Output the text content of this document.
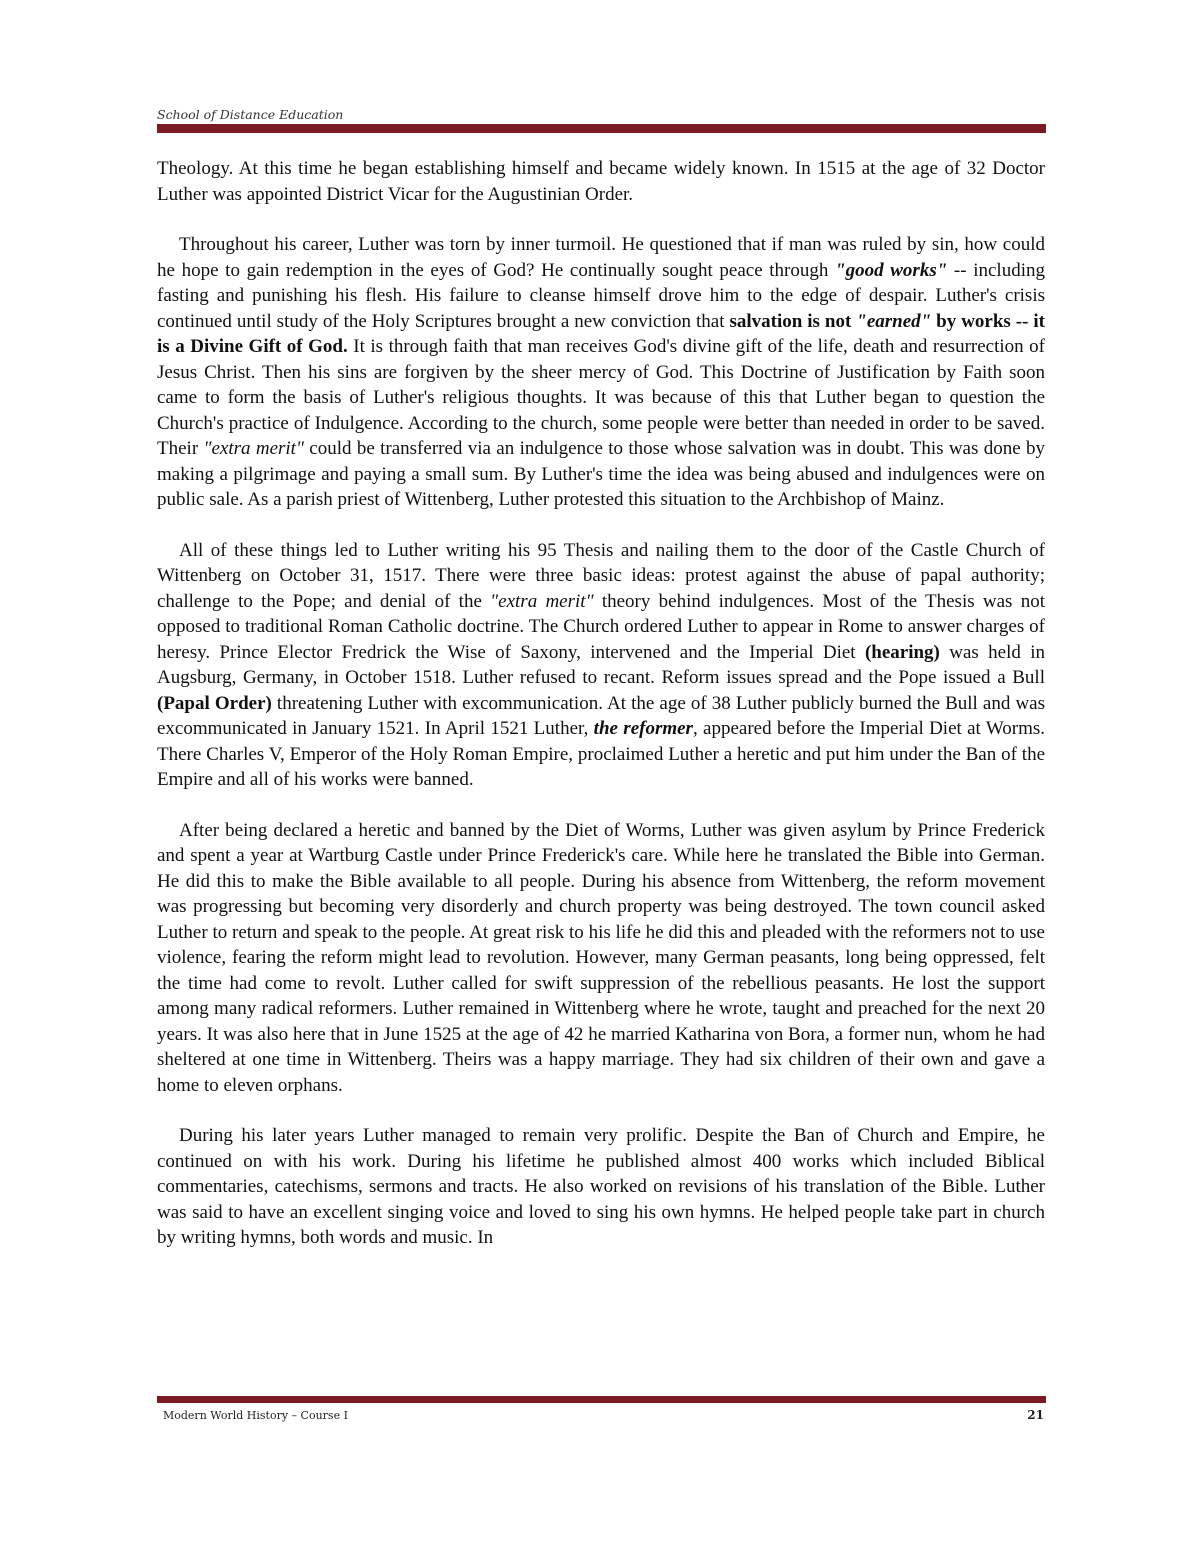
School of Distance Education

Theology. At this time he began establishing himself and became widely known. In 1515 at the age of 32 Doctor Luther was appointed District Vicar for the Augustinian Order.

Throughout his career, Luther was torn by inner turmoil. He questioned that if man was ruled by sin, how could he hope to gain redemption in the eyes of God? He continually sought peace through "good works" -- including fasting and punishing his flesh. His failure to cleanse himself drove him to the edge of despair. Luther's crisis continued until study of the Holy Scriptures brought a new conviction that salvation is not "earned" by works -- it is a Divine Gift of God. It is through faith that man receives God's divine gift of the life, death and resurrection of Jesus Christ. Then his sins are forgiven by the sheer mercy of God. This Doctrine of Justification by Faith soon came to form the basis of Luther's religious thoughts. It was because of this that Luther began to question the Church's practice of Indulgence. According to the church, some people were better than needed in order to be saved. Their "extra merit" could be transferred via an indulgence to those whose salvation was in doubt. This was done by making a pilgrimage and paying a small sum. By Luther's time the idea was being abused and indulgences were on public sale. As a parish priest of Wittenberg, Luther protested this situation to the Archbishop of Mainz.

All of these things led to Luther writing his 95 Thesis and nailing them to the door of the Castle Church of Wittenberg on October 31, 1517. There were three basic ideas: protest against the abuse of papal authority; challenge to the Pope; and denial of the "extra merit" theory behind indulgences. Most of the Thesis was not opposed to traditional Roman Catholic doctrine. The Church ordered Luther to appear in Rome to answer charges of heresy. Prince Elector Fredrick the Wise of Saxony, intervened and the Imperial Diet (hearing) was held in Augsburg, Germany, in October 1518. Luther refused to recant. Reform issues spread and the Pope issued a Bull (Papal Order) threatening Luther with excommunication. At the age of 38 Luther publicly burned the Bull and was excommunicated in January 1521. In April 1521 Luther, the reformer, appeared before the Imperial Diet at Worms. There Charles V, Emperor of the Holy Roman Empire, proclaimed Luther a heretic and put him under the Ban of the Empire and all of his works were banned.

After being declared a heretic and banned by the Diet of Worms, Luther was given asylum by Prince Frederick and spent a year at Wartburg Castle under Prince Frederick's care. While here he translated the Bible into German. He did this to make the Bible available to all people. During his absence from Wittenberg, the reform movement was progressing but becoming very disorderly and church property was being destroyed. The town council asked Luther to return and speak to the people. At great risk to his life he did this and pleaded with the reformers not to use violence, fearing the reform might lead to revolution. However, many German peasants, long being oppressed, felt the time had come to revolt. Luther called for swift suppression of the rebellious peasants. He lost the support among many radical reformers. Luther remained in Wittenberg where he wrote, taught and preached for the next 20 years. It was also here that in June 1525 at the age of 42 he married Katharina von Bora, a former nun, whom he had sheltered at one time in Wittenberg. Theirs was a happy marriage. They had six children of their own and gave a home to eleven orphans.

During his later years Luther managed to remain very prolific. Despite the Ban of Church and Empire, he continued on with his work. During his lifetime he published almost 400 works which included Biblical commentaries, catechisms, sermons and tracts. He also worked on revisions of his translation of the Bible. Luther was said to have an excellent singing voice and loved to sing his own hymns. He helped people take part in church by writing hymns, both words and music. In

Modern World History – Course I	21
